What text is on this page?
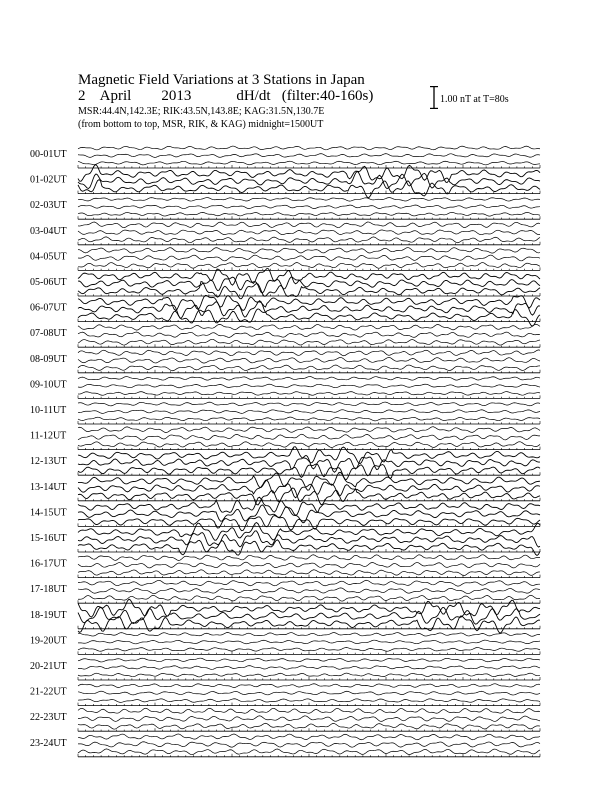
Magnetic Field Variations at 3 Stations in Japan
2    April        2013            dH/dt   (filter:40-160s)
MSR:44.4N,142.3E; RIK:43.5N,143.8E; KAG:31.5N,130.7E
(from bottom to top, MSR, RIK, & KAG) midnight=1500UT
1.00 nT at T=80s
00-01UT
01-02UT
02-03UT
03-04UT
04-05UT
05-06UT
06-07UT
07-08UT
08-09UT
09-10UT
10-11UT
11-12UT
12-13UT
13-14UT
14-15UT
15-16UT
16-17UT
17-18UT
18-19UT
19-20UT
20-21UT
21-22UT
22-23UT
23-24UT
